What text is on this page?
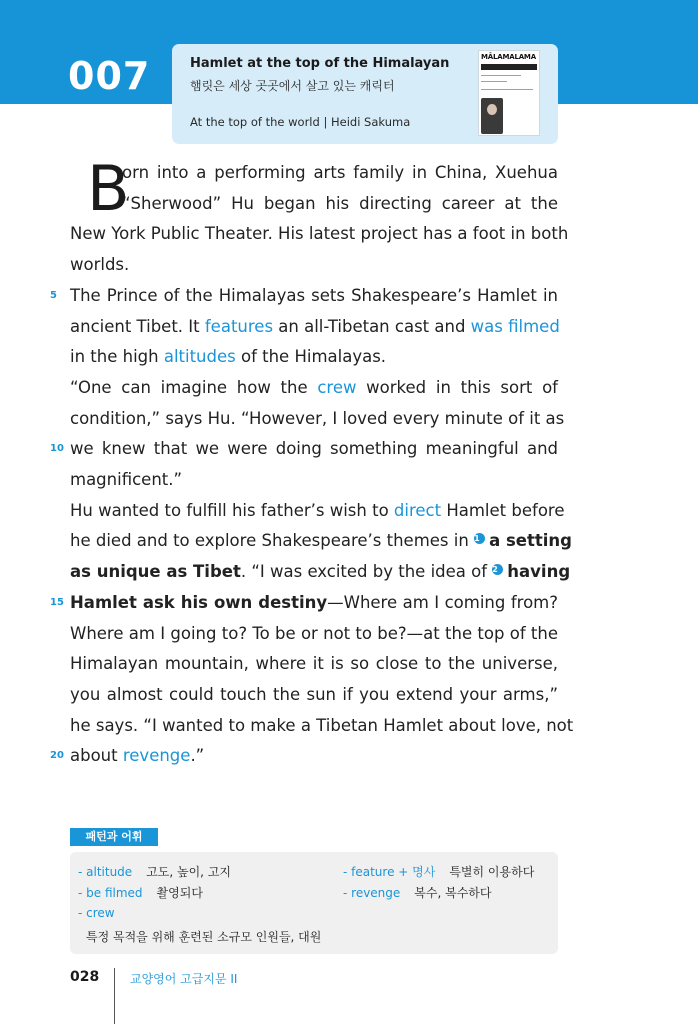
007	Hamlet at the top of the Himalayan
햄릿은 세상 곳곳에서 살고 있는 캐릭터
At the top of the world | Heidi Sakuma
MĀLAMALAMA
B
orn into a performing arts family in China, Xuehua
“Sherwood” Hu began his directing career at the
New York Public Theater. His latest project has a foot in both
worlds.
The Prince of the Himalayas sets Shakespeare’s Hamlet in
ancient Tibet. It features an all-Tibetan cast and was filmed
in the high altitudes of the Himalayas.
“One can imagine how the crew worked in this sort of
condition,” says Hu. “However, I loved every minute of it as
we knew that we were doing something meaningful and
magnificent.”
Hu wanted to fulfill his father’s wish to direct Hamlet before
he died and to explore Shakespeare’s themes in 1 a setting
as unique as Tibet. “I was excited by the idea of 2 having
Hamlet ask his own destiny—Where am I coming from?
Where am I going to? To be or not to be?—at the top of the
Himalayan mountain, where it is so close to the universe,
you almost could touch the sun if you extend your arms,”
he says. “I wanted to make a Tibetan Hamlet about love, not
about revenge.”
5
10
15
20
패턴과 어휘
- altitude 고도, 높이, 고지	- feature + 명사 특별히 이용하다
- be filmed 촬영되다	- revenge 복수, 복수하다
- crew
특정 목적을 위해 훈련된 소규모 인원들, 대원
028	교양영어 고급지문 II
